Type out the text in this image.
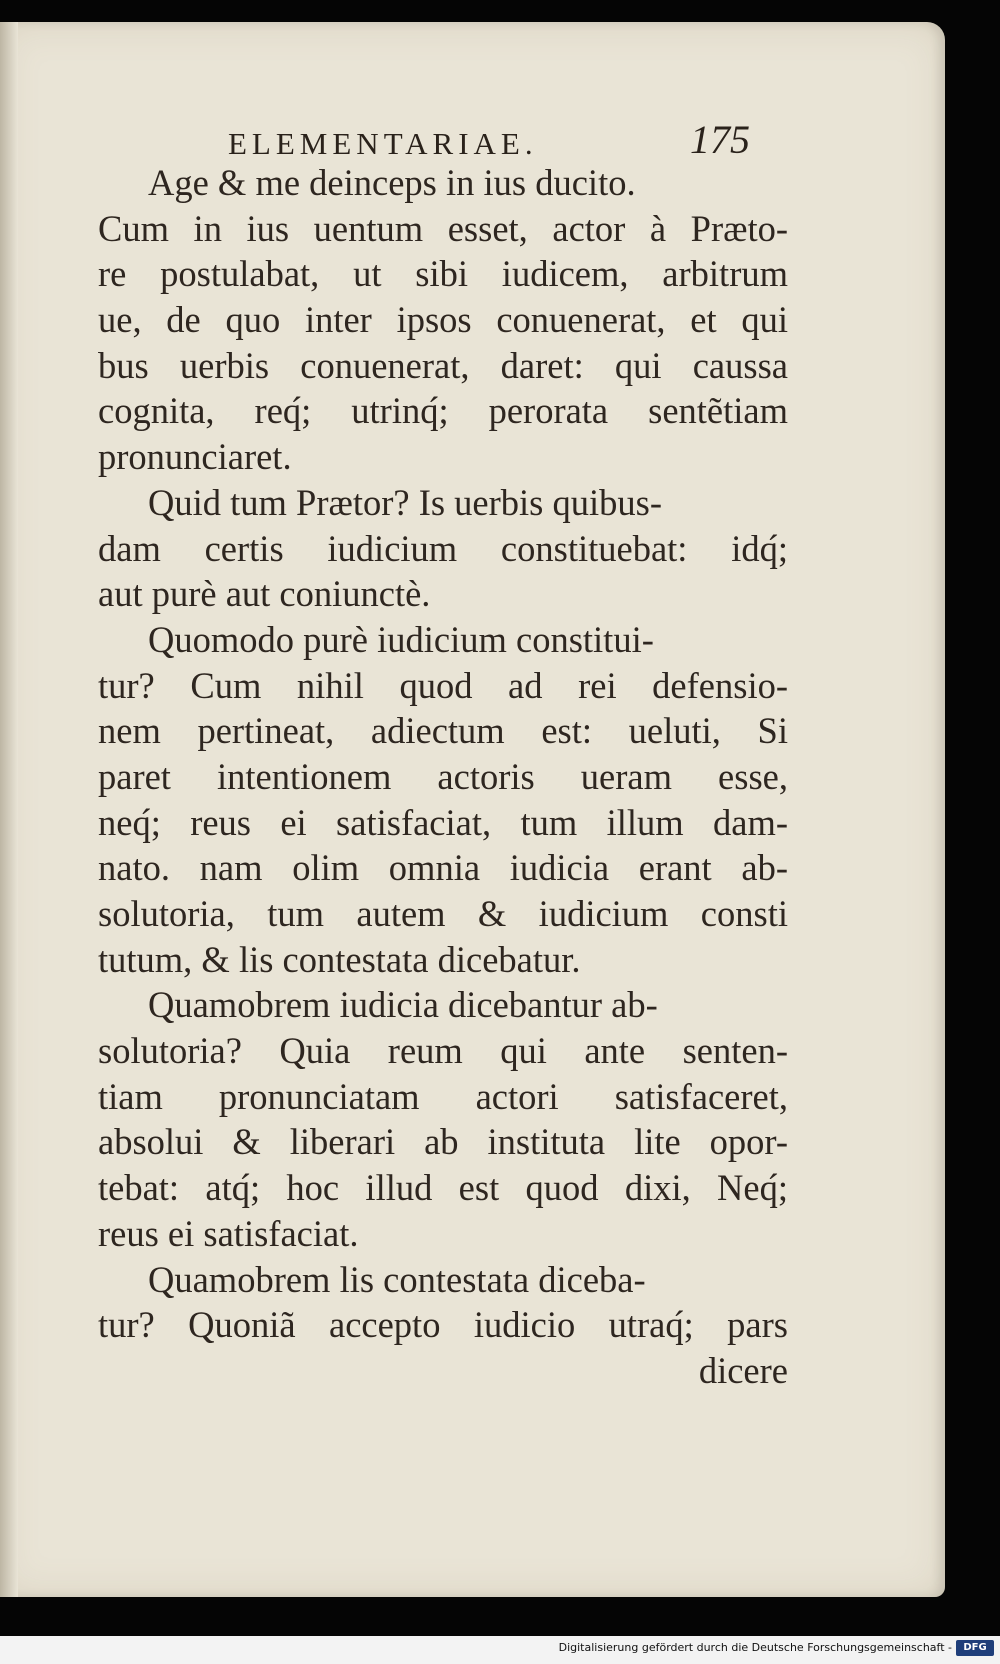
ELEMENTARIAE.	175
Age & me deinceps in ius ducito.
Cum in ius uentum esset, actor à Præto-
re postulabat, ut sibi iudicem, arbitrum
ue, de quo inter ipsos conuenerat, et qui
bus uerbis conuenerat, daret: qui caussa
cognita, req́; utrinq́; perorata sentẽtiam
pronunciaret.
Quid tum Prætor? Is uerbis quibus-
dam certis iudicium constituebat: idq́;
aut purè aut coniunctè.
Quomodo purè iudicium constitui-
tur? Cum nihil quod ad rei defensio-
nem pertineat, adiectum est: ueluti, Si
paret intentionem actoris ueram esse,
neq́; reus ei satisfaciat, tum illum dam-
nato. nam olim omnia iudicia erant ab-
solutoria, tum autem & iudicium consti
tutum, & lis contestata dicebatur.
Quamobrem iudicia dicebantur ab-
solutoria? Quia reum qui ante senten-
tiam pronunciatam actori satisfaceret,
absolui & liberari ab instituta lite opor-
tebat: atq́; hoc illud est quod dixi, Neq́;
reus ei satisfaciat.
Quamobrem lis contestata diceba-
tur? Quoniã accepto iudicio utraq́; pars
dicere
Digitalisierung gefördert durch die Deutsche Forschungsgemeinschaft -	DFG
